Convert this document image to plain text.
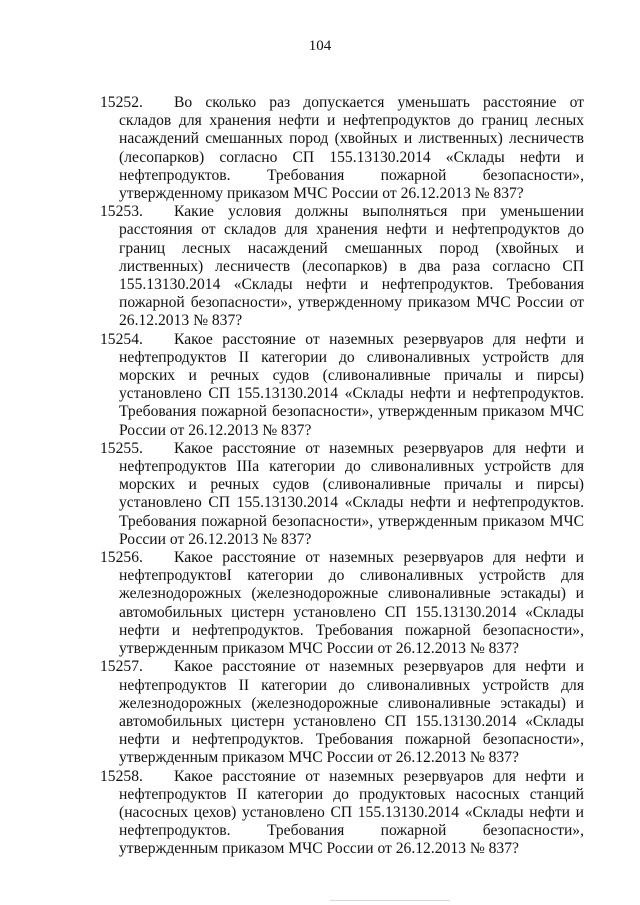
104

15252. Во сколько раз допускается уменьшать расстояние от складов для хранения нефти и нефтепродуктов до границ лесных насаждений смешанных пород (хвойных и лиственных) лесничеств (лесопарков) согласно СП 155.13130.2014 «Склады нефти и нефтепродуктов. Требования пожарной безопасности», утвержденному приказом МЧС России от 26.12.2013 № 837?

15253. Какие условия должны выполняться при уменьшении расстояния от складов для хранения нефти и нефтепродуктов до границ лесных насаждений смешанных пород (хвойных и лиственных) лесничеств (лесопарков) в два раза согласно СП 155.13130.2014 «Склады нефти и нефтепродуктов. Требования пожарной безопасности», утвержденному приказом МЧС России от 26.12.2013 № 837?

15254. Какое расстояние от наземных резервуаров для нефти и нефтепродуктов II категории до сливоналивных устройств для морских и речных судов (сливоналивные причалы и пирсы) установлено СП 155.13130.2014 «Склады нефти и нефтепродуктов. Требования пожарной безопасности», утвержденным приказом МЧС России от 26.12.2013 № 837?

15255. Какое расстояние от наземных резервуаров для нефти и нефтепродуктов IIIа категории до сливоналивных устройств для морских и речных судов (сливоналивные причалы и пирсы) установлено СП 155.13130.2014 «Склады нефти и нефтепродуктов. Требования пожарной безопасности», утвержденным приказом МЧС России от 26.12.2013 № 837?

15256. Какое расстояние от наземных резервуаров для нефти и нефтепродуктовI категории до сливоналивных устройств для железнодорожных (железнодорожные сливоналивные эстакады) и автомобильных цистерн установлено СП 155.13130.2014 «Склады нефти и нефтепродуктов. Требования пожарной безопасности», утвержденным приказом МЧС России от 26.12.2013 № 837?

15257. Какое расстояние от наземных резервуаров для нефти и нефтепродуктов II категории до сливоналивных устройств для железнодорожных (железнодорожные сливоналивные эстакады) и автомобильных цистерн установлено СП 155.13130.2014 «Склады нефти и нефтепродуктов. Требования пожарной безопасности», утвержденным приказом МЧС России от 26.12.2013 № 837?

15258. Какое расстояние от наземных резервуаров для нефти и нефтепродуктов II категории до продуктовых насосных станций (насосных цехов) установлено СП 155.13130.2014 «Склады нефти и нефтепродуктов. Требования пожарной безопасности», утвержденным приказом МЧС России от 26.12.2013 № 837?
